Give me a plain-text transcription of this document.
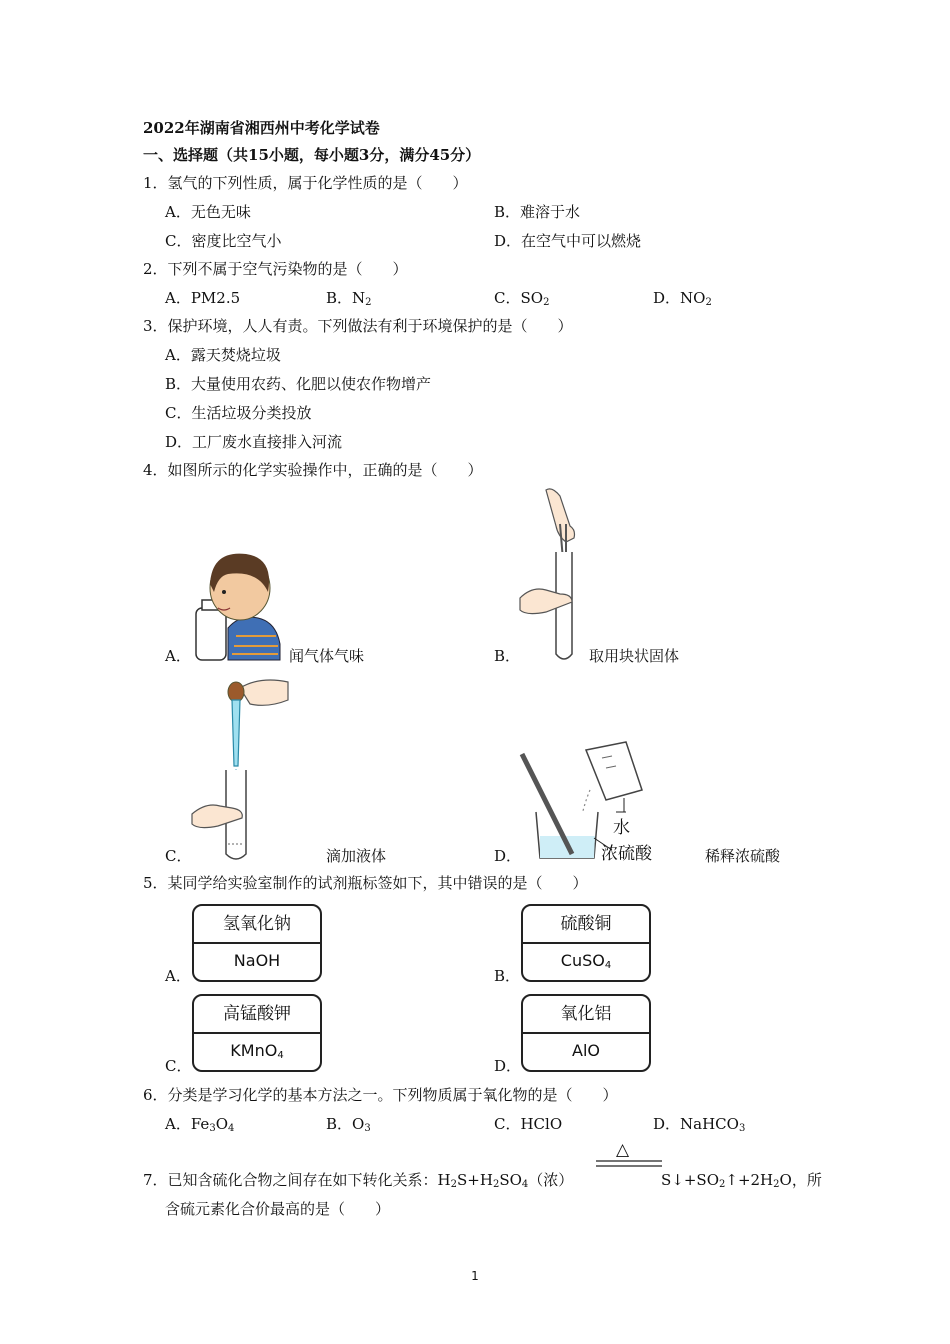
2022年湖南省湘西州中考化学试卷
一、选择题（共15小题，每小题3分，满分45分）
1．氢气的下列性质，属于化学性质的是（　　）
A．无色无味	B．难溶于水
C．密度比空气小	D．在空气中可以燃烧
2．下列不属于空气污染物的是（　　）
A．PM2.5	B．$N_2$	C．$SO_2$	D．$NO_2$
3．保护环境，人人有责。下列做法有利于环境保护的是（　　）
A．露天焚烧垃圾
B．大量使用农药、化肥以使农作物增产
C．生活垃圾分类投放
D．工厂废水直接排入河流
4．如图所示的化学实验操作中，正确的是（　　）
A．	闻气体气味	B．	取用块状固体
C．	滴加液体
水
浓硫酸
D．	稀释浓硫酸
5．某同学给实验室制作的试剂瓶标签如下，其中错误的是（　　）
A．
氢氧化钠
NaOH
B．
硫酸铜
CuSO$_4$
C．
高锰酸钾
KMnO$_4$
D．
氧化铝
AlO
6．分类是学习化学的基本方法之一。下列物质属于氧化物的是（　　）
A．$Fe_3O_4$	B．$O_3$	C．HClO	D．NaHCO$_3$
△
7．已知含硫化合物之间存在如下转化关系：$H_2S+H_2SO_4$（浓）	$S↓+SO_2↑+2H_2O$，所
含硫元素化合价最高的是（　　）
1
